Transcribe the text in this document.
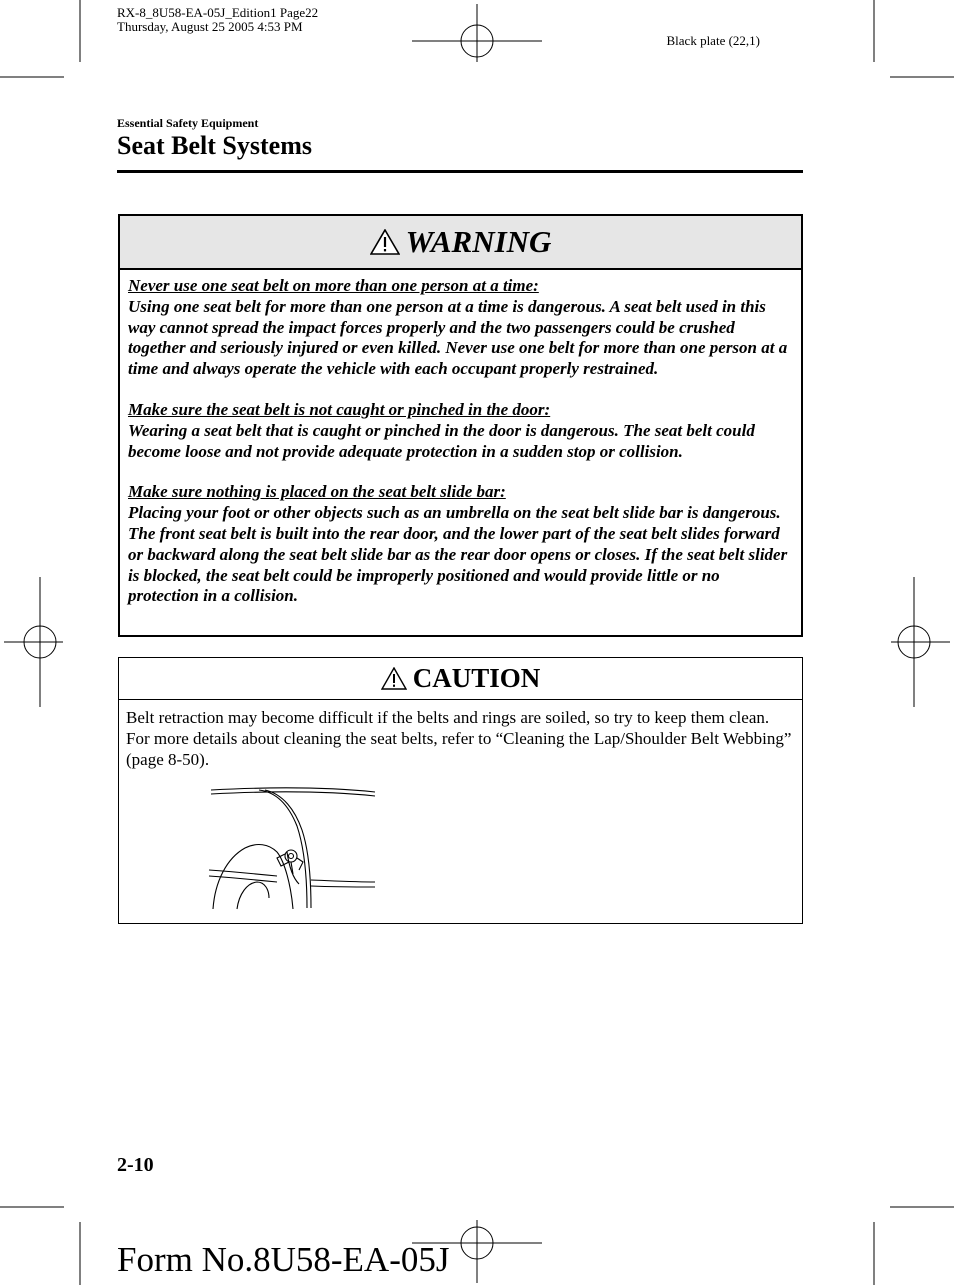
RX-8_8U58-EA-05J_Edition1 Page22
Thursday, August 25 2005 4:53 PM
Black plate (22,1)
Essential Safety Equipment
Seat Belt Systems
WARNING
Never use one seat belt on more than one person at a time:
Using one seat belt for more than one person at a time is dangerous. A seat belt used in this way cannot spread the impact forces properly and the two passengers could be crushed together and seriously injured or even killed. Never use one belt for more than one person at a time and always operate the vehicle with each occupant properly restrained.
Make sure the seat belt is not caught or pinched in the door:
Wearing a seat belt that is caught or pinched in the door is dangerous. The seat belt could become loose and not provide adequate protection in a sudden stop or collision.
Make sure nothing is placed on the seat belt slide bar:
Placing your foot or other objects such as an umbrella on the seat belt slide bar is dangerous. The front seat belt is built into the rear door, and the lower part of the seat belt slides forward or backward along the seat belt slide bar as the rear door opens or closes. If the seat belt slider is blocked, the seat belt could be improperly positioned and would provide little or no protection in a collision.
CAUTION
Belt retraction may become difficult if the belts and rings are soiled, so try to keep them clean. For more details about cleaning the seat belts, refer to “Cleaning the Lap/Shoulder Belt Webbing” (page 8-50).
2-10
Form No.8U58-EA-05J
